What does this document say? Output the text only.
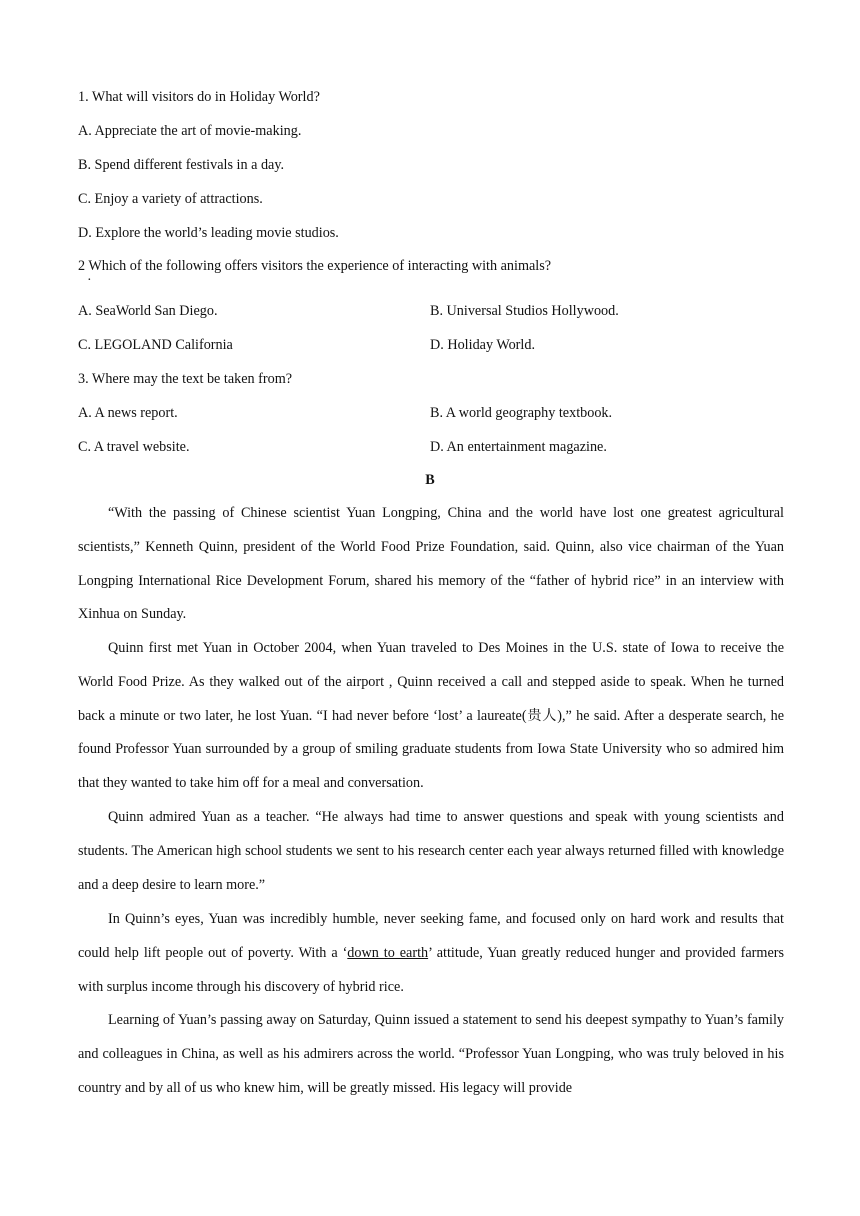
1. What will visitors do in Holiday World?
A. Appreciate the art of movie-making.
B. Spend different festivals in a day.
C. Enjoy a variety of attractions.
D. Explore the world’s leading movie studios.
2 Which of the following offers visitors the experience of interacting with animals?
·
A. SeaWorld San Diego.	B. Universal Studios Hollywood.
C. LEGOLAND California	D. Holiday World.
3. Where may the text be taken from?
A. A news report.	B. A world geography textbook.
C. A travel website.	D. An entertainment magazine.
B

“With the passing of Chinese scientist Yuan Longping, China and the world have lost one greatest agricultural scientists,” Kenneth Quinn, president of the World Food Prize Foundation, said. Quinn, also vice chairman of the Yuan Longping International Rice Development Forum, shared his memory of the “father of hybrid rice” in an interview with Xinhua on Sunday.

Quinn first met Yuan in October 2004, when Yuan traveled to Des Moines in the U.S. state of Iowa to receive the World Food Prize. As they walked out of the airport , Quinn received a call and stepped aside to speak. When he turned back a minute or two later, he lost Yuan. “I had never before ‘lost’ a laureate(贵人),” he said. After a desperate search, he found Professor Yuan surrounded by a group of smiling graduate students from Iowa State University who so admired him that they wanted to take him off for a meal and conversation.

Quinn admired Yuan as a teacher. “He always had time to answer questions and speak with young scientists and students. The American high school students we sent to his research center each year always returned filled with knowledge and a deep desire to learn more.”

In Quinn’s eyes, Yuan was incredibly humble, never seeking fame, and focused only on hard work and results that could help lift people out of poverty. With a ‘down to earth’ attitude, Yuan greatly reduced hunger and provided farmers with surplus income through his discovery of hybrid rice.

Learning of Yuan’s passing away on Saturday, Quinn issued a statement to send his deepest sympathy to Yuan’s family and colleagues in China, as well as his admirers across the world. “Professor Yuan Longping, who was truly beloved in his country and by all of us who knew him, will be greatly missed. His legacy will provide
